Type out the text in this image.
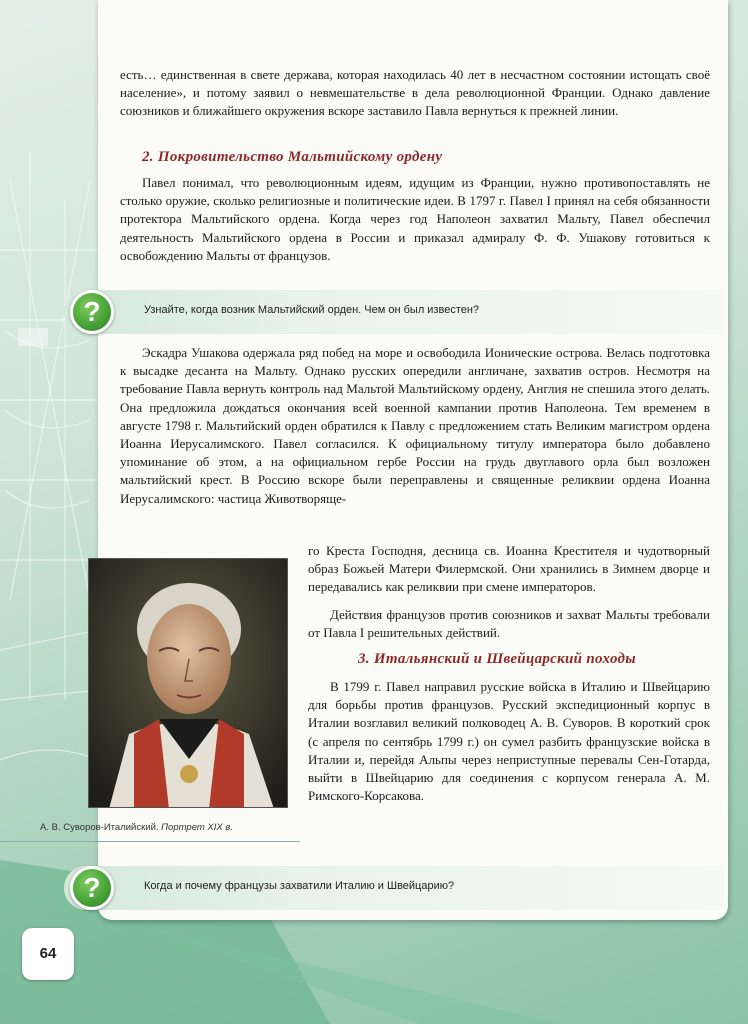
есть… единственная в свете держава, которая находилась 40 лет в несчастном состоянии истощать своё население», и потому заявил о невмешательстве в дела революционной Франции. Однако давление союзников и ближайшего окружения вскоре заставило Павла вернуться к прежней линии.
2. Покровительство Мальтийскому ордену
Павел понимал, что революционным идеям, идущим из Франции, нужно противопоставлять не столько оружие, сколько религиозные и политические идеи. В 1797 г. Павел I принял на себя обязанности протектора Мальтийского ордена. Когда через год Наполеон захватил Мальту, Павел обеспечил деятельность Мальтийского ордена в России и приказал адмиралу Ф. Ф. Ушакову готовиться к освобождению Мальты от французов.
?	Узнайте, когда возник Мальтийский орден. Чем он был известен?
Эскадра Ушакова одержала ряд побед на море и освободила Ионические острова. Велась подготовка к высадке десанта на Мальту. Однако русских опередили англичане, захватив остров. Несмотря на требование Павла вернуть контроль над Мальтой Мальтийскому ордену, Англия не спешила этого делать. Она предложила дождаться окончания всей военной кампании против Наполеона. Тем временем в августе 1798 г. Мальтийский орден обратился к Павлу с предложением стать Великим магистром ордена Иоанна Иерусалимского. Павел согласился. К официальному титулу императора было добавлено упоминание об этом, а на официальном гербе России на грудь двуглавого орла был возложен мальтийский крест. В Россию вскоре были переправлены и священные реликвии ордена Иоанна Иерусалимского: частица Животворяще-
го Креста Господня, десница св. Иоанна Крестителя и чудотворный образ Божьей Матери Филермской. Они хранились в Зимнем дворце и передавались как реликвии при смене императоров.
Действия французов против союзников и захват Мальты требовали от Павла I решительных действий.
3. Итальянский и Швейцарский походы
В 1799 г. Павел направил русские войска в Италию и Швейцарию для борьбы против французов. Русский экспедиционный корпус в Италии возглавил великий полководец А. В. Суворов. В короткий срок (с апреля по сентябрь 1799 г.) он сумел разбить французские войска в Италии и, перейдя Альпы через неприступные перевалы Сен-Готарда, выйти в Швейцарию для соединения с корпусом генерала А. М. Римского-Корсакова.
А. В. Суворов-Италийский. Портрет XIX в.
?	Когда и почему французы захватили Италию и Швейцарию?
64
